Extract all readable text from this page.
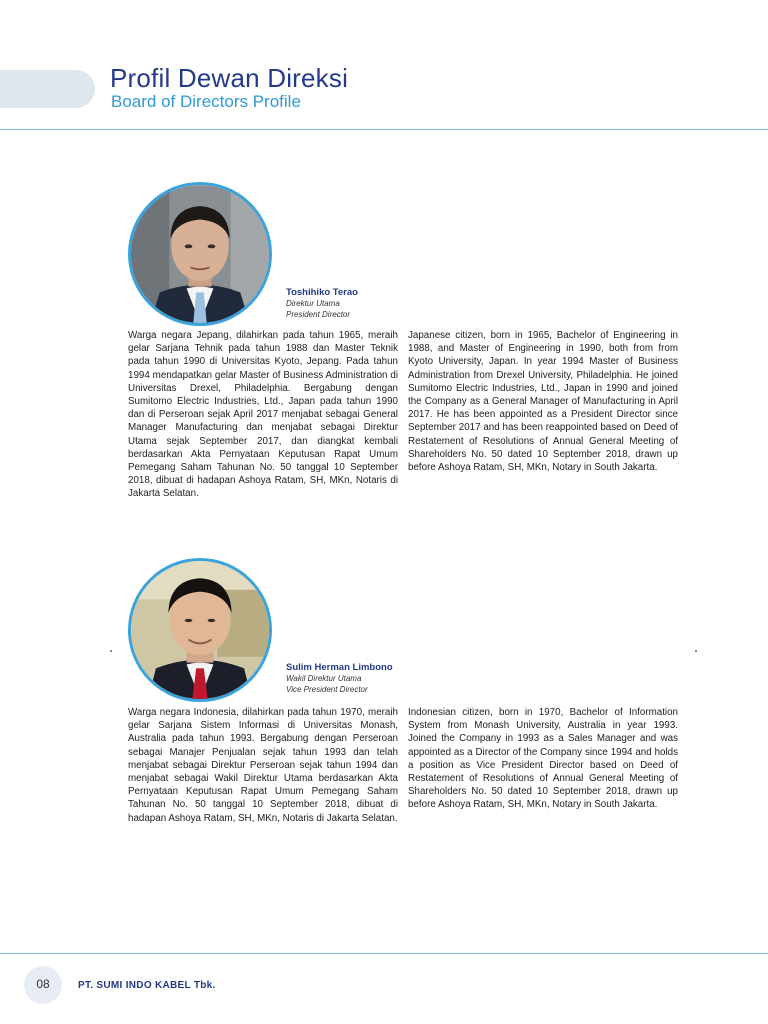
Profil Dewan Direksi
Board of Directors Profile
Toshihiko Terao
Direktur Utama
President Director

Warga negara Jepang, dilahirkan pada tahun 1965, meraih gelar Sarjana Tehnik pada tahun 1988 dan Master Teknik pada tahun 1990 di Universitas Kyoto, Jepang. Pada tahun 1994 mendapatkan gelar Master of Business Administration di Universitas Drexel, Philadelphia. Bergabung dengan Sumitomo Electric Industries, Ltd., Japan pada tahun 1990 dan di Perseroan sejak April 2017 menjabat sebagai General Manager Manufacturing dan menjabat sebagai Direktur Utama sejak September 2017, dan diangkat kembali berdasarkan Akta Pernyataan Keputusan Rapat Umum Pemegang Saham Tahunan No. 50 tanggal 10 September 2018, dibuat di hadapan Ashoya Ratam, SH, MKn, Notaris di Jakarta Selatan.

Japanese citizen, born in 1965, Bachelor of Engineering in 1988, and Master of Engineering in 1990, both from from Kyoto University, Japan. In year 1994 Master of Business Administration from Drexel University, Philadelphia. He joined Sumitomo Electric Industries, Ltd., Japan in 1990 and joined the Company as a General Manager of Manufacturing in April 2017. He has been appointed as a President Director since September 2017 and has been reappointed based on Deed of Restatement of Resolutions of Annual General Meeting of Shareholders No. 50 dated 10 September 2018, drawn up before Ashoya Ratam, SH, MKn, Notary in South Jakarta.

Sulim Herman Limbono
Wakil Direktur Utama
Vice President Director

Warga negara Indonesia, dilahirkan pada tahun 1970, meraih gelar Sarjana Sistem Informasi di Universitas Monash, Australia pada tahun 1993. Bergabung dengan Perseroan sebagai Manajer Penjualan sejak tahun 1993 dan telah menjabat sebagai Direktur Perseroan sejak tahun 1994 dan menjabat sebagai Wakil Direktur Utama berdasarkan Akta Pernyataan Keputusan Rapat Umum Pemegang Saham Tahunan No. 50 tanggal 10 September 2018, dibuat di hadapan Ashoya Ratam, SH, MKn, Notaris di Jakarta Selatan.

Indonesian citizen, born in 1970, Bachelor of Information System from Monash University, Australia in year 1993. Joined the Company in 1993 as a Sales Manager and was appointed as a Director of the Company since 1994 and holds a position as Vice President Director based on Deed of Restatement of Resolutions of Annual General Meeting of Shareholders No. 50 dated 10 September 2018, drawn up before Ashoya Ratam, SH, MKn, Notary in South Jakarta.

08	PT. SUMI INDO KABEL Tbk.
